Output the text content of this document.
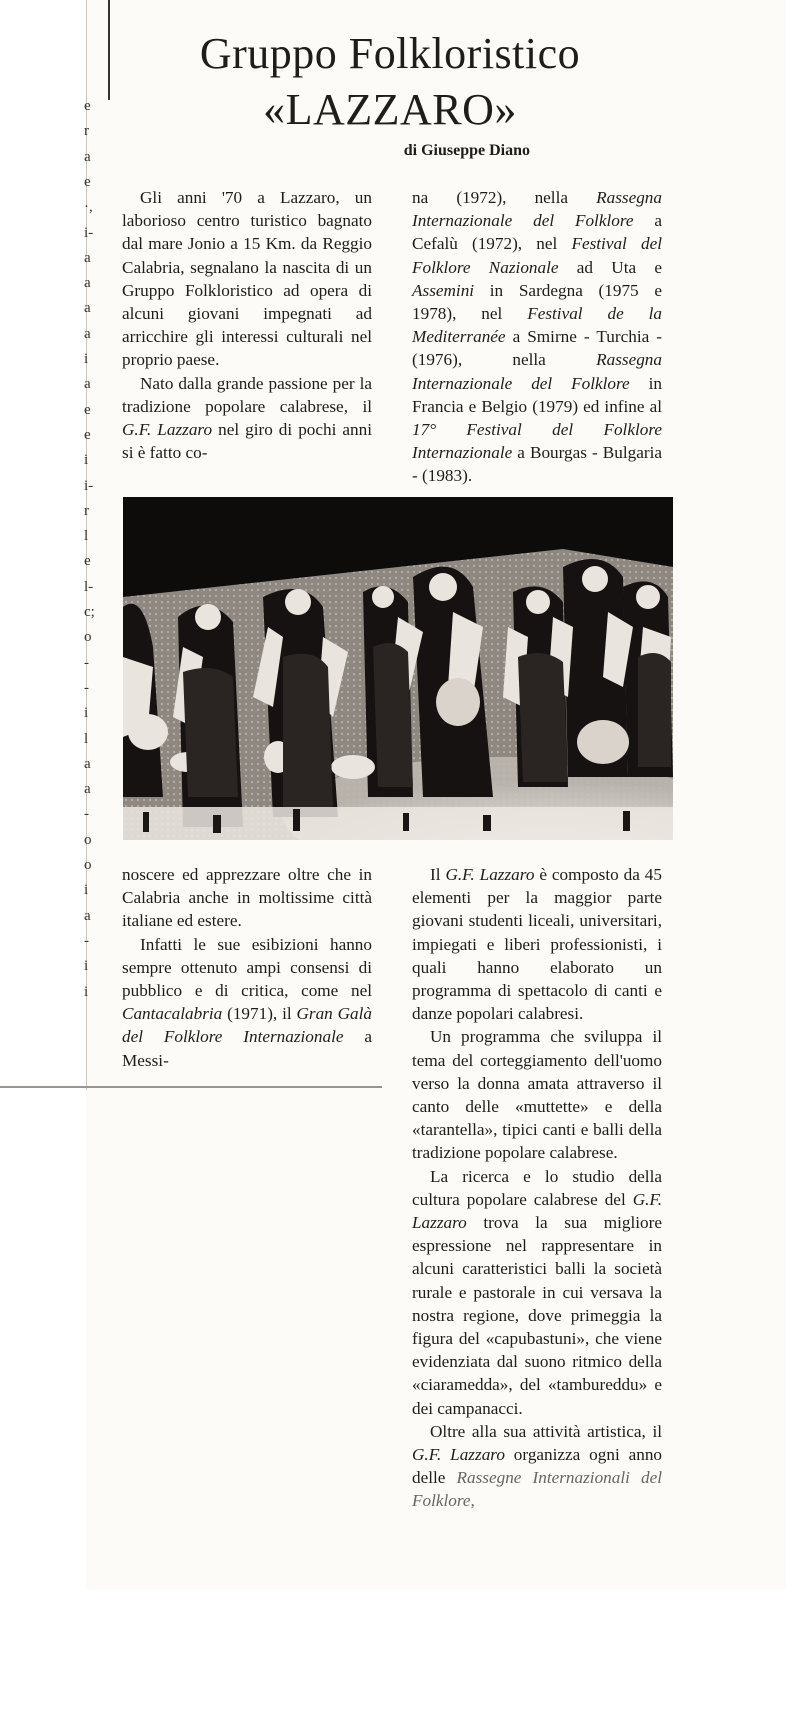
e
r
a
e
·,
i-
a
a
a
a
i
a
e
e
i
i-
r
l
e
l-
c;
o
-
-
i
l
a
a
-
o
o
i
a
-
i
i
Gruppo Folkloristico
«LAZZARO»

di Giuseppe Diano

Gli anni '70 a Lazzaro, un laborioso centro turistico bagnato dal mare Jonio a 15 Km. da Reggio Calabria, segnalano la nascita di un Gruppo Folkloristico ad opera di alcuni giovani impegnati ad arricchire gli interessi culturali nel proprio paese.

Nato dalla grande passione per la tradizione popolare calabrese, il G.F. Lazzaro nel giro di pochi anni si è fatto co-

na (1972), nella Rassegna Internazionale del Folklore a Cefalù (1972), nel Festival del Folklore Nazionale ad Uta e Assemini in Sardegna (1975 e 1978), nel Festival de la Mediterranée a Smirne - Turchia - (1976), nella Rassegna Internazionale del Folklore in Francia e Belgio (1979) ed infine al 17° Festival del Folklore Internazionale a Bourgas - Bulgaria - (1983).

noscere ed apprezzare oltre che in Calabria anche in moltissime città italiane ed estere.

Infatti le sue esibizioni hanno sempre ottenuto ampi consensi di pubblico e di critica, come nel Cantacalabria (1971), il Gran Galà del Folklore Internazionale a Messi-

Il G.F. Lazzaro è composto da 45 elementi per la maggior parte giovani studenti liceali, universitari, impiegati e liberi professionisti, i quali hanno elaborato un programma di spettacolo di canti e danze popolari calabresi.

Un programma che sviluppa il tema del corteggiamento dell'uomo verso la donna amata attraverso il canto delle «muttette» e della «tarantella», tipici canti e balli della tradizione popolare calabrese.

La ricerca e lo studio della cultura popolare calabrese del G.F. Lazzaro trova la sua migliore espressione nel rappresentare in alcuni caratteristici balli la società rurale e pastorale in cui versava la nostra regione, dove primeggia la figura del «capubastuni», che viene evidenziata dal suono ritmico della «ciaramedda», del «tambureddu» e dei campanacci.

Oltre alla sua attività artistica, il G.F. Lazzaro organizza ogni anno delle Rassegne Internazionali del Folklore,
